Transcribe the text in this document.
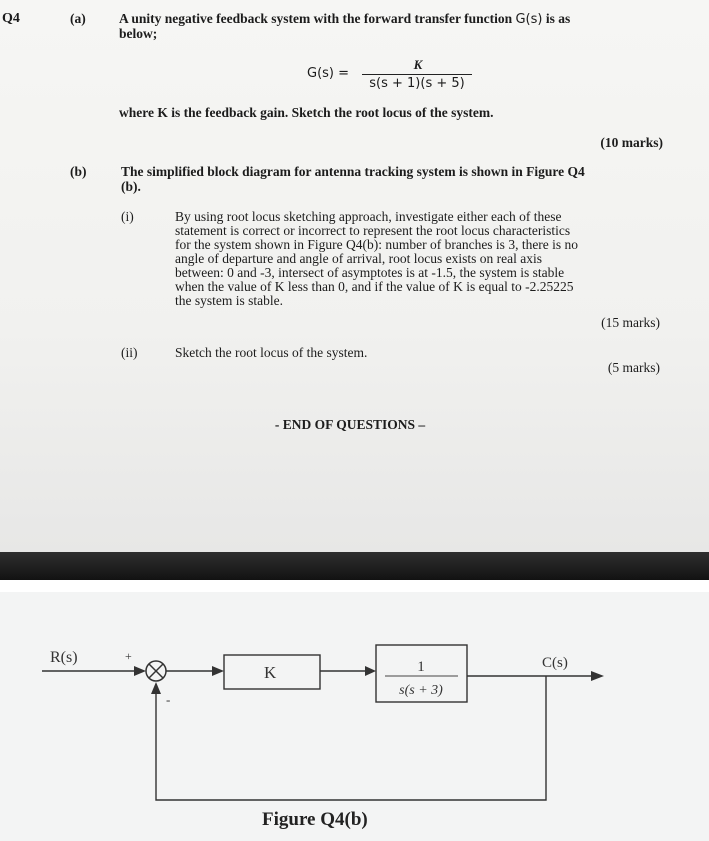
Q4	(a) A unity negative feedback system with the forward transfer function G(s) is as
below;
G(s) =
K
s(s + 1)(s + 5)
where K is the feedback gain. Sketch the root locus of the system.
(10 marks)
(b)	The simplified block diagram for antenna tracking system is shown in Figure Q4
(b).
(i)	By using root locus sketching approach, investigate either each of these
statement is correct or incorrect to represent the root locus characteristics
for the system shown in Figure Q4(b): number of branches is 3, there is no
angle of departure and angle of arrival, root locus exists on real axis
between: 0 and -3, intersect of asymptotes is at -1.5, the system is stable
when the value of K less than 0, and if the value of K is equal to -2.25225
the system is stable.
(15 marks)
(ii)	Sketch the root locus of the system.
(5 marks)
- END OF QUESTIONS –
R(s)	+
-
K	1
s(s + 3)
C(s)
Figure Q4(b)
